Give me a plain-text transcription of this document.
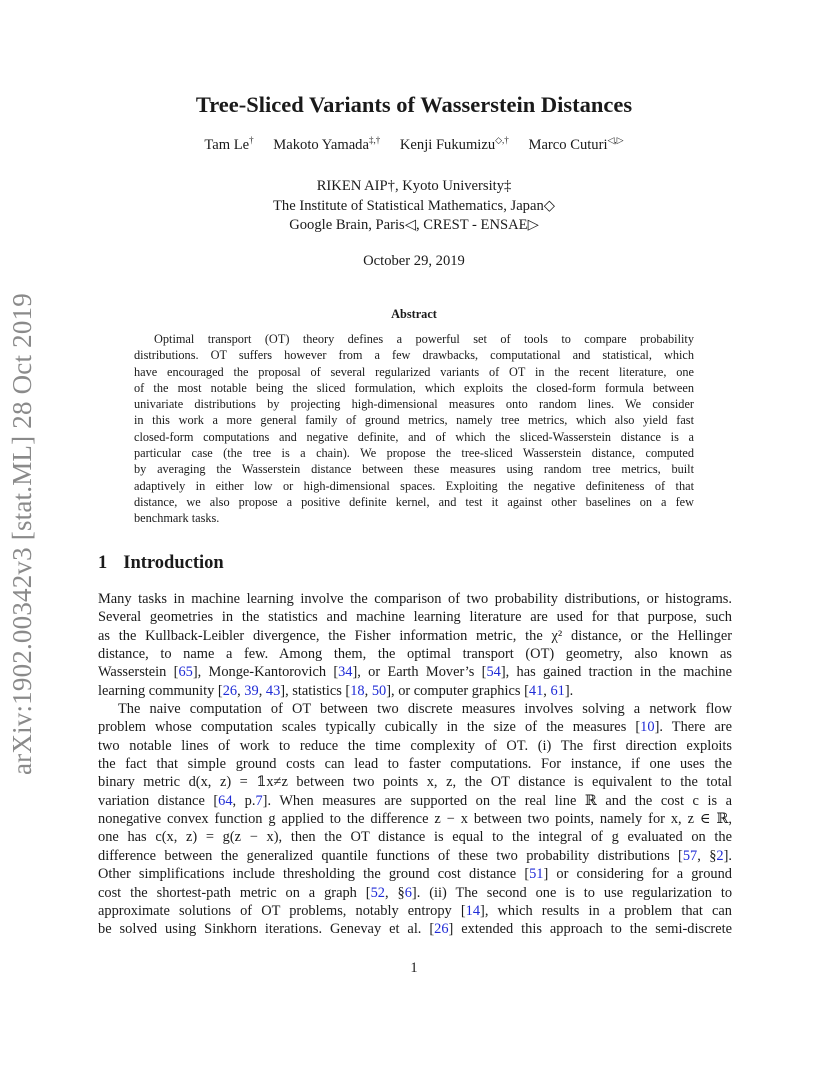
arXiv:1902.00342v3 [stat.ML] 28 Oct 2019
Tree-Sliced Variants of Wasserstein Distances
Tam Le† Makoto Yamada‡,† Kenji Fukumizu◇,† Marco Cuturi◁,▷
RIKEN AIP†, Kyoto University‡
The Institute of Statistical Mathematics, Japan◇
Google Brain, Paris◁, CREST - ENSAE▷
October 29, 2019
Abstract
Optimal transport (OT) theory defines a powerful set of tools to compare probability
distributions. OT suffers however from a few drawbacks, computational and statistical, which
have encouraged the proposal of several regularized variants of OT in the recent literature, one
of the most notable being the sliced formulation, which exploits the closed-form formula between
univariate distributions by projecting high-dimensional measures onto random lines. We consider
in this work a more general family of ground metrics, namely tree metrics, which also yield fast
closed-form computations and negative definite, and of which the sliced-Wasserstein distance is a
particular case (the tree is a chain). We propose the tree-sliced Wasserstein distance, computed
by averaging the Wasserstein distance between these measures using random tree metrics, built
adaptively in either low or high-dimensional spaces. Exploiting the negative definiteness of that
distance, we also propose a positive definite kernel, and test it against other baselines on a few
benchmark tasks.
1 Introduction
Many tasks in machine learning involve the comparison of two probability distributions, or histograms.
Several geometries in the statistics and machine learning literature are used for that purpose, such
as the Kullback-Leibler divergence, the Fisher information metric, the χ² distance, or the Hellinger
distance, to name a few. Among them, the optimal transport (OT) geometry, also known as
Wasserstein [65], Monge-Kantorovich [34], or Earth Mover’s [54], has gained traction in the machine
learning community [26, 39, 43], statistics [18, 50], or computer graphics [41, 61].
The naive computation of OT between two discrete measures involves solving a network flow
problem whose computation scales typically cubically in the size of the measures [10]. There are
two notable lines of work to reduce the time complexity of OT. (i) The first direction exploits
the fact that simple ground costs can lead to faster computations. For instance, if one uses the
binary metric d(x, z) = 𝟙x≠z between two points x, z, the OT distance is equivalent to the total
variation distance [64, p.7]. When measures are supported on the real line ℝ and the cost c is a
nonegative convex function g applied to the difference z − x between two points, namely for x, z ∈ ℝ,
one has c(x, z) = g(z − x), then the OT distance is equal to the integral of g evaluated on the
difference between the generalized quantile functions of these two probability distributions [57, §2].
Other simplifications include thresholding the ground cost distance [51] or considering for a ground
cost the shortest-path metric on a graph [52, §6]. (ii) The second one is to use regularization to
approximate solutions of OT problems, notably entropy [14], which results in a problem that can
be solved using Sinkhorn iterations. Genevay et al. [26] extended this approach to the semi-discrete
1
